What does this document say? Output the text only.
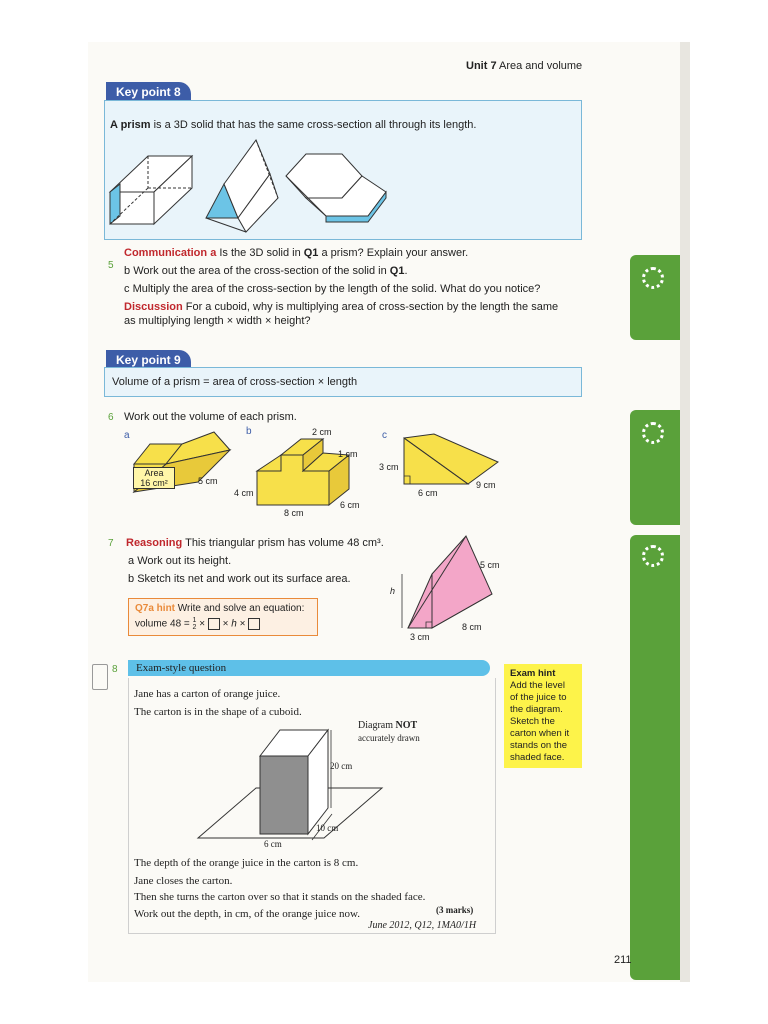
Unit 7 Area and volume
Key point 8
A prism is a 3D solid that has the same cross-section all through its length.
5
Communication a Is the 3D solid in Q1 a prism? Explain your answer.
b Work out the area of the cross-section of the solid in Q1.
c Multiply the area of the cross-section by the length of the solid. What do you notice?
Discussion For a cuboid, why is multiplying area of cross-section by the length the same
as multiplying length × width × height?
Key point 9
Volume of a prism = area of cross-section × length
6 Work out the volume of each prism.
a	b	c
Area
16 cm²	5 cm
2 cm
1 cm
4 cm
8 cm
6 cm
3 cm
6 cm
9 cm
7 Reasoning This triangular prism has volume 48 cm³.
a Work out its height.
b Sketch its net and work out its surface area.
Q7a hint Write and solve an equation:
volume 48 = 1
2 × × h ×
h
5 cm
3 cm
8 cm
8	Exam-style question
Jane has a carton of orange juice.
The carton is in the shape of a cuboid.
Diagram NOT
accurately drawn
20 cm
10 cm
6 cm
The depth of the orange juice in the carton is 8 cm.
Jane closes the carton.
Then she turns the carton over so that it stands on the shaded face.
Work out the depth, in cm, of the orange juice now.	(3 marks)
June 2012, Q12, 1MA0/1H
Exam hint
Add the level
of the juice to
the diagram.
Sketch the
carton when it
stands on the
shaded face.
211
